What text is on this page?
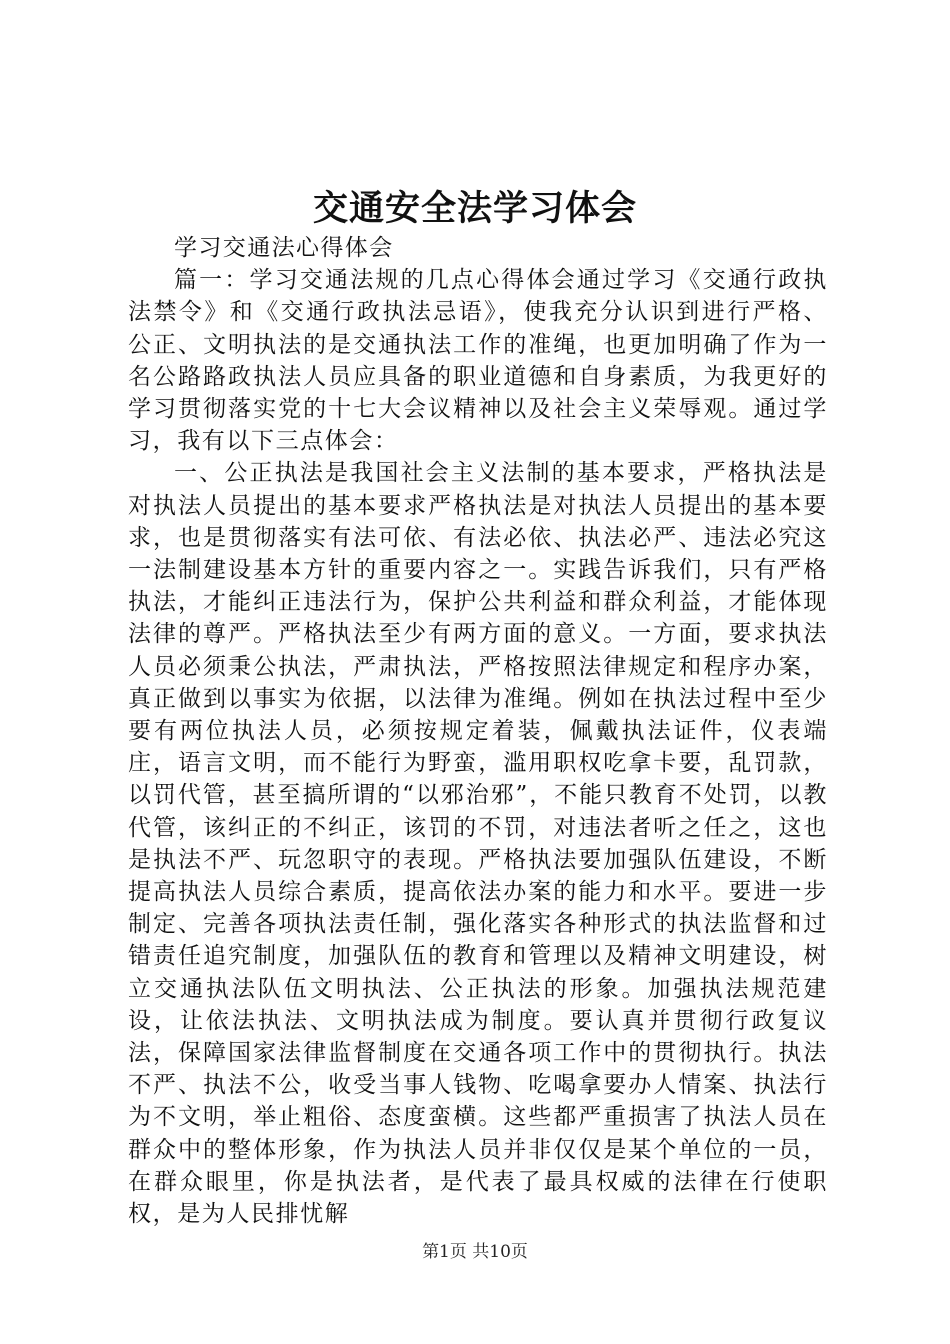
交通安全法学习体会

学习交通法心得体会

篇一：学习交通法规的几点心得体会通过学习《交通行政执法禁令》和《交通行政执法忌语》，使我充分认识到进行严格、公正、文明执法的是交通执法工作的准绳，也更加明确了作为一名公路路政执法人员应具备的职业道德和自身素质，为我更好的学习贯彻落实党的十七大会议精神以及社会主义荣辱观。通过学习，我有以下三点体会：

一、公正执法是我国社会主义法制的基本要求，严格执法是对执法人员提出的基本要求严格执法是对执法人员提出的基本要求，也是贯彻落实有法可依、有法必依、执法必严、违法必究这一法制建设基本方针的重要内容之一。实践告诉我们，只有严格执法，才能纠正违法行为，保护公共利益和群众利益，才能体现法律的尊严。严格执法至少有两方面的意义。一方面，要求执法人员必须秉公执法，严肃执法，严格按照法律规定和程序办案，真正做到以事实为依据，以法律为准绳。例如在执法过程中至少要有两位执法人员，必须按规定着装，佩戴执法证件，仪表端庄，语言文明，而不能行为野蛮，滥用职权吃拿卡要，乱罚款，以罚代管，甚至搞所谓的“以邪治邪”，不能只教育不处罚，以教代管，该纠正的不纠正，该罚的不罚，对违法者听之任之，这也是执法不严、玩忽职守的表现。严格执法要加强队伍建设，不断提高执法人员综合素质，提高依法办案的能力和水平。要进一步制定、完善各项执法责任制，强化落实各种形式的执法监督和过错责任追究制度，加强队伍的教育和管理以及精神文明建设，树立交通执法队伍文明执法、公正执法的形象。加强执法规范建设，让依法执法、文明执法成为制度。要认真并贯彻行政复议法，保障国家法律监督制度在交通各项工作中的贯彻执行。执法不严、执法不公，收受当事人钱物、吃喝拿要办人情案、执法行为不文明，举止粗俗、态度蛮横。这些都严重损害了执法人员在群众中的整体形象，作为执法人员并非仅仅是某个单位的一员，在群众眼里，你是执法者，是代表了最具权威的法律在行使职权，是为人民排忧解

第1页 共10页
